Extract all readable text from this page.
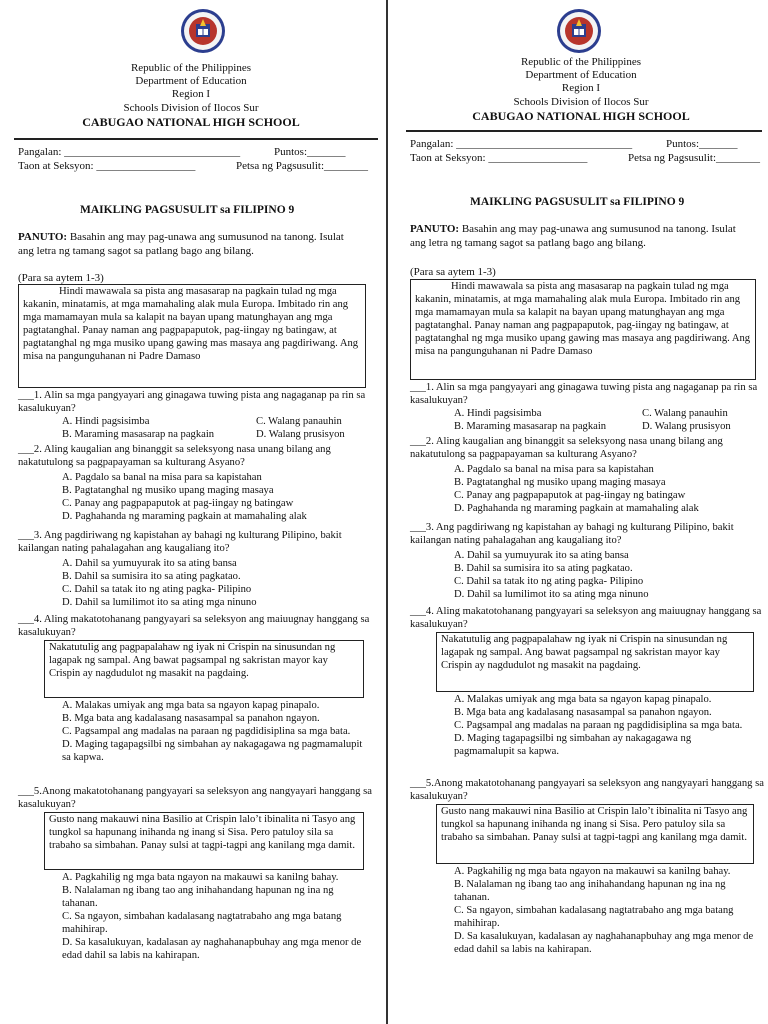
Republic of the Philippines
Department of Education
Region I
Schools Division of Ilocos Sur
CABUGAO NATIONAL HIGH SCHOOL
Pangalan: ________________________________	Puntos:_______
Taon at Seksyon: __________________	Petsa ng Pagsusulit:________
MAIKLING PAGSUSULIT sa FILIPINO 9
PANUTO: Basahin ang may pag-unawa ang sumusunod na tanong. Isulat ang letra ng tamang sagot sa patlang bago ang bilang.
(Para sa aytem 1-3)
Hindi mawawala sa pista ang masasarap na pagkain tulad ng mga kakanin, minatamis, at mga mamahaling alak mula Europa. Imbitado rin ang mga mamamayan mula sa kalapit na bayan upang matunghayan ang mga pagtatanghal. Panay naman ang pagpapaputok, pag-iingay ng batingaw, at pagtatanghal ng mga musiko upang gawing mas masaya ang pagdiriwang. Ang misa na pangunguhanan ni Padre Damaso
___1. Alin sa mga pangyayari ang ginagawa tuwing pista ang nagaganap pa rin sa kasalukuyan?
A. Hindi pagsisimba	C. Walang panauhin
B. Maraming masasarap na pagkain	D. Walang prusisyon
___2. Aling kaugalian ang binanggit sa seleksyong nasa unang bilang ang nakatutulong sa pagpapayaman sa kulturang Asyano?
A. Pagdalo sa banal na misa para sa kapistahan
B. Pagtatanghal ng musiko upang maging masaya
C. Panay ang pagpapaputok at pag-iingay ng batingaw
D. Paghahanda ng maraming pagkain at mamahaling alak
___3. Ang pagdiriwang ng kapistahan ay bahagi ng kulturang Pilipino, bakit kailangan nating pahalagahan ang kaugaliang ito?
A. Dahil sa yumuyurak ito sa ating bansa
B. Dahil sa sumisira ito sa ating pagkatao.
C. Dahil sa tatak ito ng ating pagka- Pilipino
D. Dahil sa lumilimot ito sa ating mga ninuno
___4. Aling makatotohanang pangyayari sa seleksyon ang maiuugnay hanggang sa kasalukuyan?
Nakatutulig ang pagpapalahaw ng iyak ni Crispin na sinusundan ng lagapak ng sampal. Ang bawat pagsampal ng sakristan mayor kay Crispin ay nagdudulot ng masakit na pagdaing.
A. Malakas umiyak ang mga bata sa ngayon kapag pinapalo.
B. Mga bata ang kadalasang nasasampal sa panahon ngayon.
C. Pagsampal ang madalas na paraan ng pagdidisiplina sa mga bata.
D. Maging tagapagsilbi ng simbahan ay nakagagawa ng pagmamalupit sa kapwa.
___5.Anong makatotohanang pangyayari sa seleksyon ang nangyayari hanggang sa kasalukuyan?
Gusto nang makauwi nina Basilio at Crispin lalo’t ibinalita ni Tasyo ang tungkol sa hapunang inihanda ng inang si Sisa. Pero patuloy sila sa trabaho sa simbahan. Panay sulsi at tagpi-tagpi ang kanilang mga damit.
A. Pagkahilig ng mga bata ngayon na makauwi sa kanilng bahay.
B. Nalalaman ng ibang tao ang inihahandang hapunan ng ina ng tahanan.
C. Sa ngayon, simbahan kadalasang nagtatrabaho ang mga batang mahihirap.
D. Sa kasalukuyan, kadalasan ay naghahanapbuhay ang mga menor de edad dahil sa labis na kahirapan.
Republic of the Philippines
Department of Education
Region I
Schools Division of Ilocos Sur
CABUGAO NATIONAL HIGH SCHOOL
Pangalan: ________________________________	Puntos:_______
Taon at Seksyon: __________________	Petsa ng Pagsusulit:________
MAIKLING PAGSUSULIT sa FILIPINO 9
PANUTO: Basahin ang may pag-unawa ang sumusunod na tanong. Isulat ang letra ng tamang sagot sa patlang bago ang bilang.
(Para sa aytem 1-3)
Hindi mawawala sa pista ang masasarap na pagkain tulad ng mga kakanin, minatamis, at mga mamahaling alak mula Europa. Imbitado rin ang mga mamamayan mula sa kalapit na bayan upang matunghayan ang mga pagtatanghal. Panay naman ang pagpapaputok, pag-iingay ng batingaw, at pagtatanghal ng mga musiko upang gawing mas masaya ang pagdiriwang. Ang misa na pangunguhanan ni Padre Damaso
___1. Alin sa mga pangyayari ang ginagawa tuwing pista ang nagaganap pa rin sa kasalukuyan?
A. Hindi pagsisimba	C. Walang panauhin
B. Maraming masasarap na pagkain	D. Walang prusisyon
___2. Aling kaugalian ang binanggit sa seleksyong nasa unang bilang ang nakatutulong sa pagpapayaman sa kulturang Asyano?
A. Pagdalo sa banal na misa para sa kapistahan
B. Pagtatanghal ng musiko upang maging masaya
C. Panay ang pagpapaputok at pag-iingay ng batingaw
D. Paghahanda ng maraming pagkain at mamahaling alak
___3. Ang pagdiriwang ng kapistahan ay bahagi ng kulturang Pilipino, bakit kailangan nating pahalagahan ang kaugaliang ito?
A. Dahil sa yumuyurak ito sa ating bansa
B. Dahil sa sumisira ito sa ating pagkatao.
C. Dahil sa tatak ito ng ating pagka- Pilipino
D. Dahil sa lumilimot ito sa ating mga ninuno
___4. Aling makatotohanang pangyayari sa seleksyon ang maiuugnay hanggang sa kasalukuyan?
Nakatutulig ang pagpapalahaw ng iyak ni Crispin na sinusundan ng lagapak ng sampal. Ang bawat pagsampal ng sakristan mayor kay Crispin ay nagdudulot ng masakit na pagdaing.
A. Malakas umiyak ang mga bata sa ngayon kapag pinapalo.
B. Mga bata ang kadalasang nasasampal sa panahon ngayon.
C. Pagsampal ang madalas na paraan ng pagdidisiplina sa mga bata.
D. Maging tagapagsilbi ng simbahan ay nakagagawa ng pagmamalupit sa kapwa.
___5.Anong makatotohanang pangyayari sa seleksyon ang nangyayari hanggang sa kasalukuyan?
Gusto nang makauwi nina Basilio at Crispin lalo’t ibinalita ni Tasyo ang tungkol sa hapunang inihanda ng inang si Sisa. Pero patuloy sila sa trabaho sa simbahan. Panay sulsi at tagpi-tagpi ang kanilang mga damit.
A. Pagkahilig ng mga bata ngayon na makauwi sa kanilng bahay.
B. Nalalaman ng ibang tao ang inihahandang hapunan ng ina ng tahanan.
C. Sa ngayon, simbahan kadalasang nagtatrabaho ang mga batang mahihirap.
D. Sa kasalukuyan, kadalasan ay naghahanapbuhay ang mga menor de edad dahil sa labis na kahirapan.
